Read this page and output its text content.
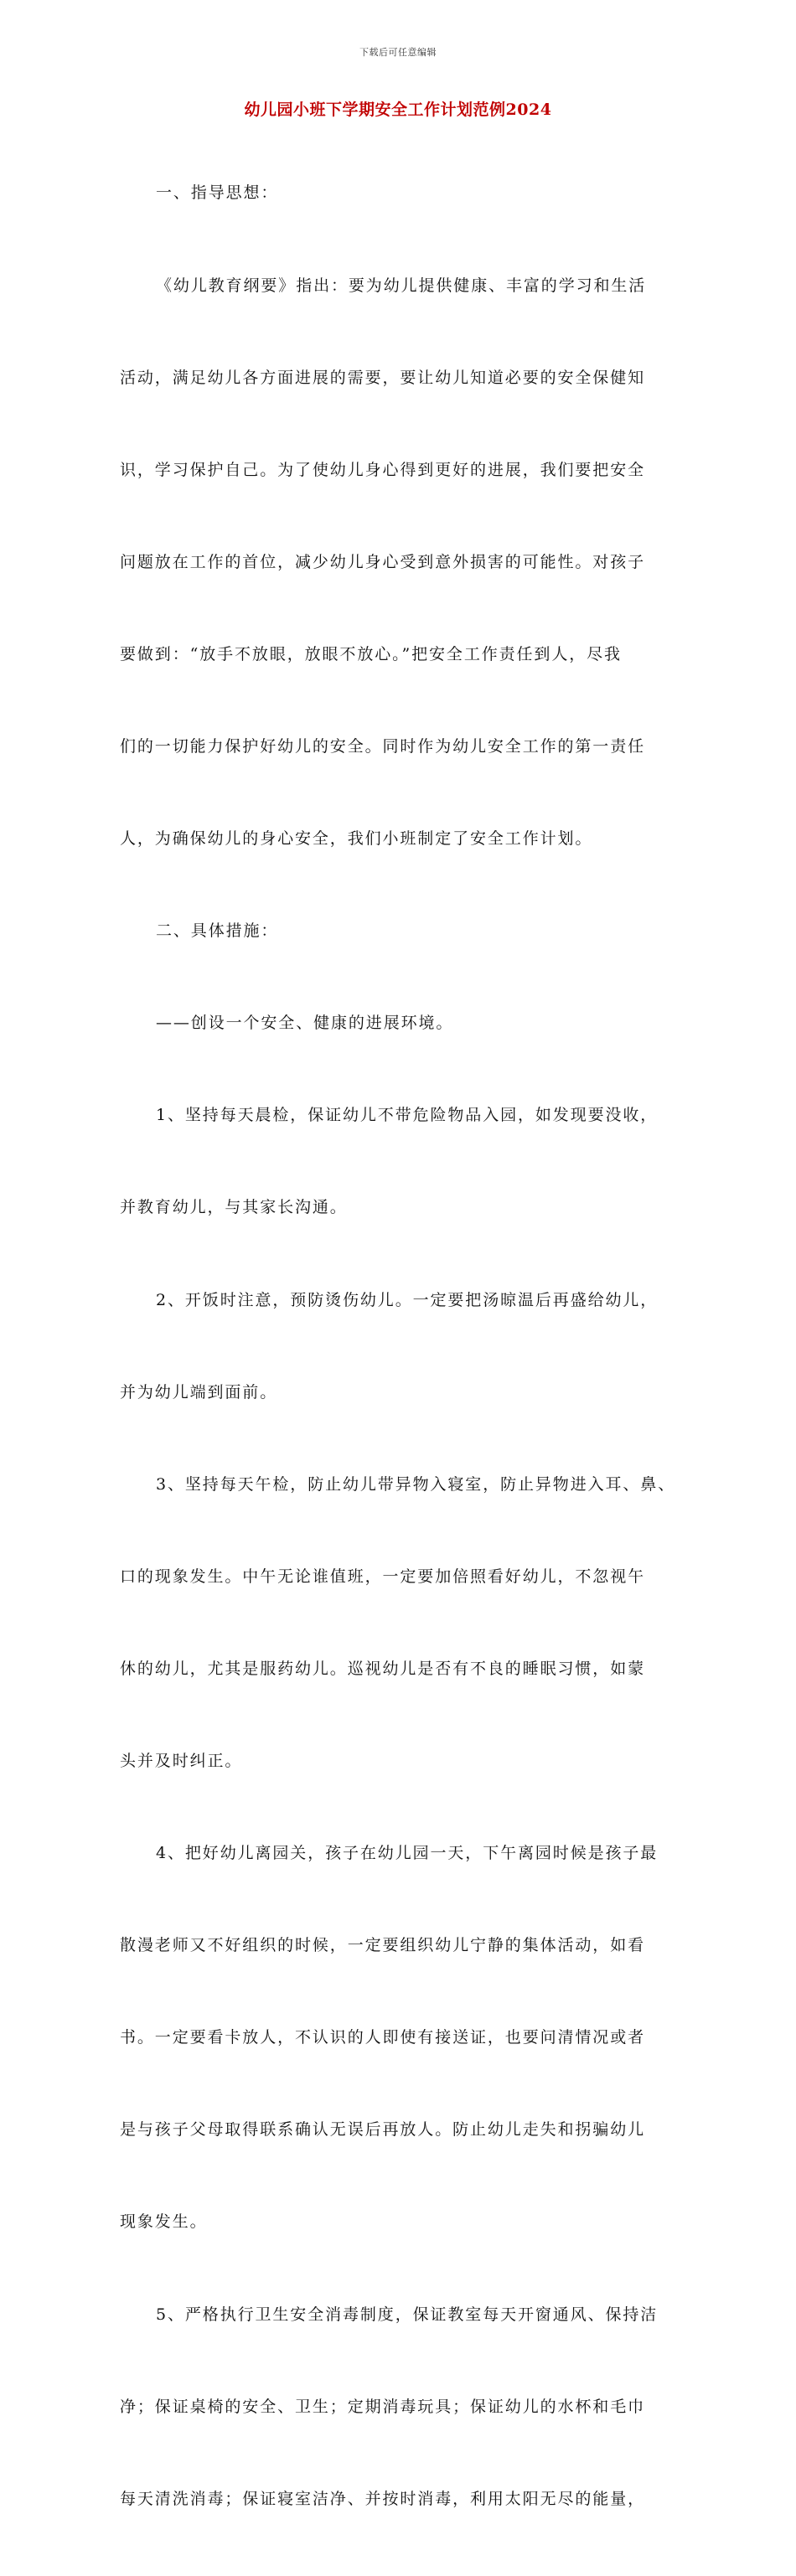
下载后可任意编辑
幼儿园小班下学期安全工作计划范例2024

一、指导思想：

《幼儿教育纲要》指出：要为幼儿提供健康、丰富的学习和生活

活动，满足幼儿各方面进展的需要，要让幼儿知道必要的安全保健知

识，学习保护自己。为了使幼儿身心得到更好的进展，我们要把安全

问题放在工作的首位，减少幼儿身心受到意外损害的可能性。对孩子

要做到：“放手不放眼，放眼不放心。”把安全工作责任到人，尽我

们的一切能力保护好幼儿的安全。同时作为幼儿安全工作的第一责任

人，为确保幼儿的身心安全，我们小班制定了安全工作计划。

二、具体措施：

——创设一个安全、健康的进展环境。

1、坚持每天晨检，保证幼儿不带危险物品入园，如发现要没收，

并教育幼儿，与其家长沟通。

2、开饭时注意，预防烫伤幼儿。一定要把汤晾温后再盛给幼儿，

并为幼儿端到面前。

3、坚持每天午检，防止幼儿带异物入寝室，防止异物进入耳、鼻、

口的现象发生。中午无论谁值班，一定要加倍照看好幼儿，不忽视午

休的幼儿，尤其是服药幼儿。巡视幼儿是否有不良的睡眠习惯，如蒙

头并及时纠正。

4、把好幼儿离园关，孩子在幼儿园一天，下午离园时候是孩子最

散漫老师又不好组织的时候，一定要组织幼儿宁静的集体活动，如看

书。一定要看卡放人，不认识的人即使有接送证，也要问清情况或者

是与孩子父母取得联系确认无误后再放人。防止幼儿走失和拐骗幼儿

现象发生。

5、严格执行卫生安全消毒制度，保证教室每天开窗通风、保持洁

净；保证桌椅的安全、卫生；定期消毒玩具；保证幼儿的水杯和毛巾

每天清洗消毒；保证寝室洁净、并按时消毒，利用太阳无尽的能量，
